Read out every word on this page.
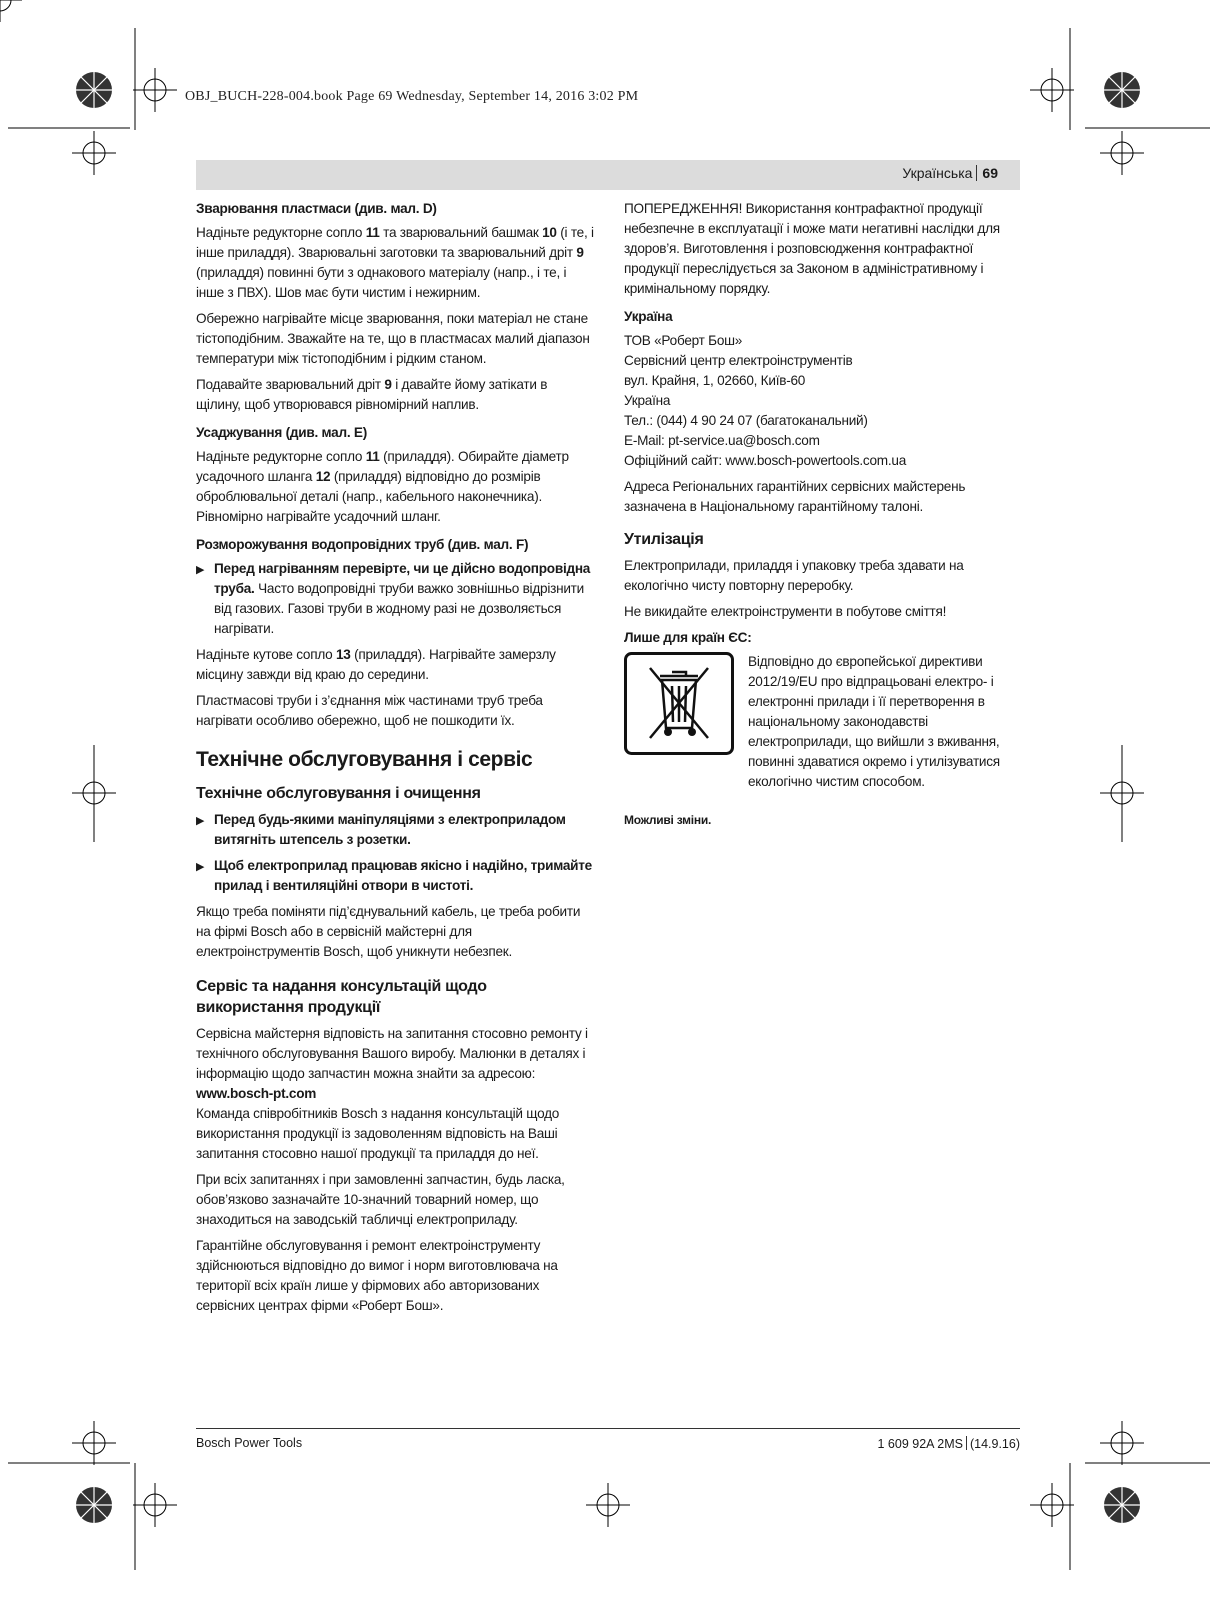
OBJ_BUCH-228-004.book Page 69 Wednesday, September 14, 2016 3:02 PM
Українська 69
Зварювання пластмаси (див. мал. D)

Надіньте редукторне сопло 11 та зварювальний башмак 10 (і те, і інше приладдя). Зварювальні заготовки та зварювальний дріт 9 (приладдя) повинні бути з однакового матеріалу (напр., і те, і інше з ПВХ). Шов має бути чистим і нежирним.

Обережно нагрівайте місце зварювання, поки матеріал не стане тістоподібним. Зважайте на те, що в пластмасах малий діапазон температури між тістоподібним і рідким станом.

Подавайте зварювальний дріт 9 і давайте йому затікати в щілину, щоб утворювався рівномірний наплив.

Усаджування (див. мал. E)

Надіньте редукторне сопло 11 (приладдя). Обирайте діаметр усадочного шланга 12 (приладдя) відповідно до розмірів оброблювальної деталі (напр., кабельного наконечника). Рівномірно нагрівайте усадочний шланг.

Розморожування водопровідних труб (див. мал. F)
▶ Перед нагріванням перевірте, чи це дійсно водопровідна труба. Часто водопровідні труби важко зовнішньо відрізнити від газових. Газові труби в жодному разі не дозволяється нагрівати.

Надіньте кутове сопло 13 (приладдя). Нагрівайте замерзлу місцину завжди від краю до середини.

Пластмасові труби і з’єднання між частинами труб треба нагрівати особливо обережно, щоб не пошкодити їх.

Технічне обслуговування і сервіс
Технічне обслуговування і очищення
▶ Перед будь-якими маніпуляціями з електроприладом витягніть штепсель з розетки.
▶ Щоб електроприлад працював якісно і надійно, тримайте прилад і вентиляційні отвори в чистоті.

Якщо треба поміняти під’єднувальний кабель, це треба робити на фірмі Bosch або в сервісній майстерні для електроінструментів Bosch, щоб уникнути небезпек.

Сервіс та надання консультацій щодо використання продукції

Сервісна майстерня відповість на запитання стосовно ремонту і технічного обслуговування Вашого виробу. Малюнки в деталях і інформацію щодо запчастин можна знайти за адресою:
www.bosch-pt.com

Команда співробітників Bosch з надання консультацій щодо використання продукції із задоволенням відповість на Ваші запитання стосовно нашої продукції та приладдя до неї.

При всіх запитаннях і при замовленні запчастин, будь ласка, обов’язково зазначайте 10-значний товарний номер, що знаходиться на заводській табличці електроприладу.

Гарантійне обслуговування і ремонт електроінструменту здійснюються відповідно до вимог і норм виготовлювача на території всіх країн лише у фірмових або авторизованих сервісних центрах фірми «Роберт Бош».

ПОПЕРЕДЖЕННЯ! Використання контрафактної продукції небезпечне в експлуатації і може мати негативні наслідки для здоров’я. Виготовлення і розповсюдження контрафактної продукції переслідується за Законом в адміністративному і кримінальному порядку.

Україна
ТОВ «Роберт Бош»
Сервісний центр електроінструментів
вул. Крайня, 1, 02660, Київ-60
Україна
Тел.: (044) 4 90 24 07 (багатоканальний)
E-Mail: pt-service.ua@bosch.com
Офіційний сайт: www.bosch-powertools.com.ua

Адреса Регіональних гарантійних сервісних майстерень зазначена в Національному гарантійному талоні.

Утилізація

Електроприлади, приладдя і упаковку треба здавати на екологічно чисту повторну переробку.

Не викидайте електроінструменти в побутове сміття!

Лише для країн ЄС:
Відповідно до європейської директиви 2012/19/EU про відпрацьовані електро- і електронні прилади і її перетворення в національному законодавстві електроприлади, що вийшли з вживання, повинні здаватися окремо і утилізуватися екологічно чистим способом.
Можливі зміни.
Bosch Power Tools	1 609 92A 2MS (14.9.16)
